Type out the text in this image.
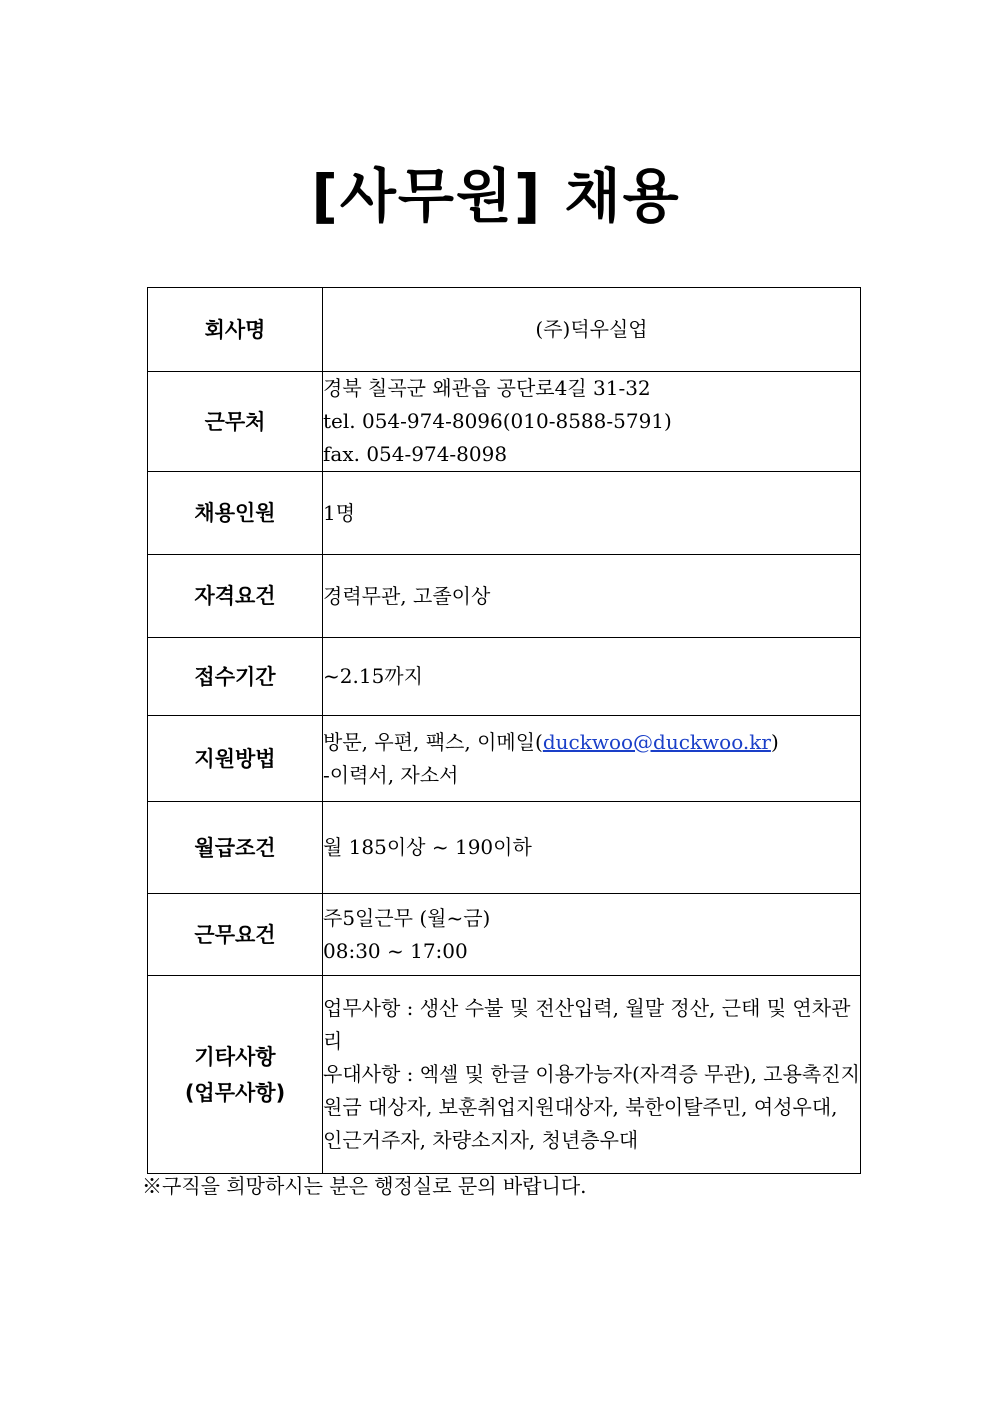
[사무원] 채용
회사명	(주)덕우실업
근무처	경북 칠곡군 왜관읍 공단로4길 31-32
tel. 054-974-8096(010-8588-5791)
fax. 054-974-8098

채용인원	1명
자격요건	경력무관, 고졸이상
접수기간	~2.15까지
지원방법	방문, 우편, 팩스, 이메일(duckwoo@duckwoo.kr)
-이력서, 자소서

월급조건	월 185이상 ~ 190이하
근무요건	주5일근무 (월~금)
08:30 ~ 17:00

기타사항
(업무사항)	업무사항 : 생산 수불 및 전산입력, 월말 정산, 근태 및 연차관리
우대사항 : 엑셀 및 한글 이용가능자(자격증 무관), 고용촉진지원금 대상자, 보훈취업지원대상자, 북한이탈주민, 여성우대, 인근거주자, 차량소지자, 청년층우대
※구직을 희망하시는 분은 행정실로 문의 바랍니다.
